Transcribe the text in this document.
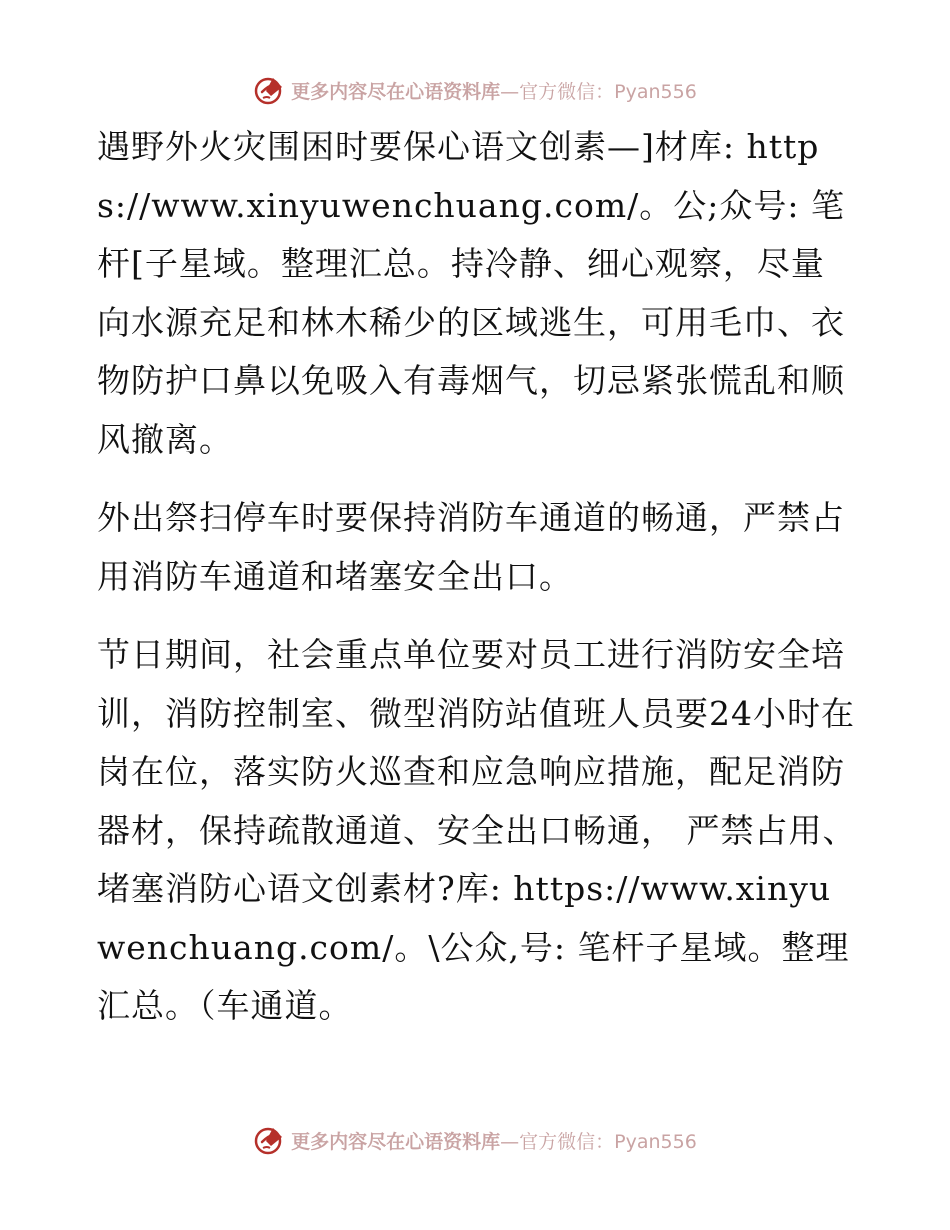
更多内容尽在心语资料库 —官方微信：Pyan556

遇野外火灾围困时要保心语文创素—]材库: https://www.xinyuwenchuang.com/。公;众号: 笔杆[子星域。整理汇总。持冷静、细心观察，尽量向水源充足和林木稀少的区域逃生，可用毛巾、衣物防护口鼻以免吸入有毒烟气，切忌紧张慌乱和顺风撤离。

外出祭扫停车时要保持消防车通道的畅通，严禁占用消防车通道和堵塞安全出口。

节日期间，社会重点单位要对员工进行消防安全培训，消防控制室、微型消防站值班人员要24小时在岗在位，落实防火巡查和应急响应措施，配足消防器材，保持疏散通道、安全出口畅通， 严禁占用、堵塞消防心语文创素材?库: https://www.xinyuwenchuang.com/。\公众,号: 笔杆子星域。整理汇总。（车通道。

更多内容尽在心语资料库 —官方微信：Pyan556
